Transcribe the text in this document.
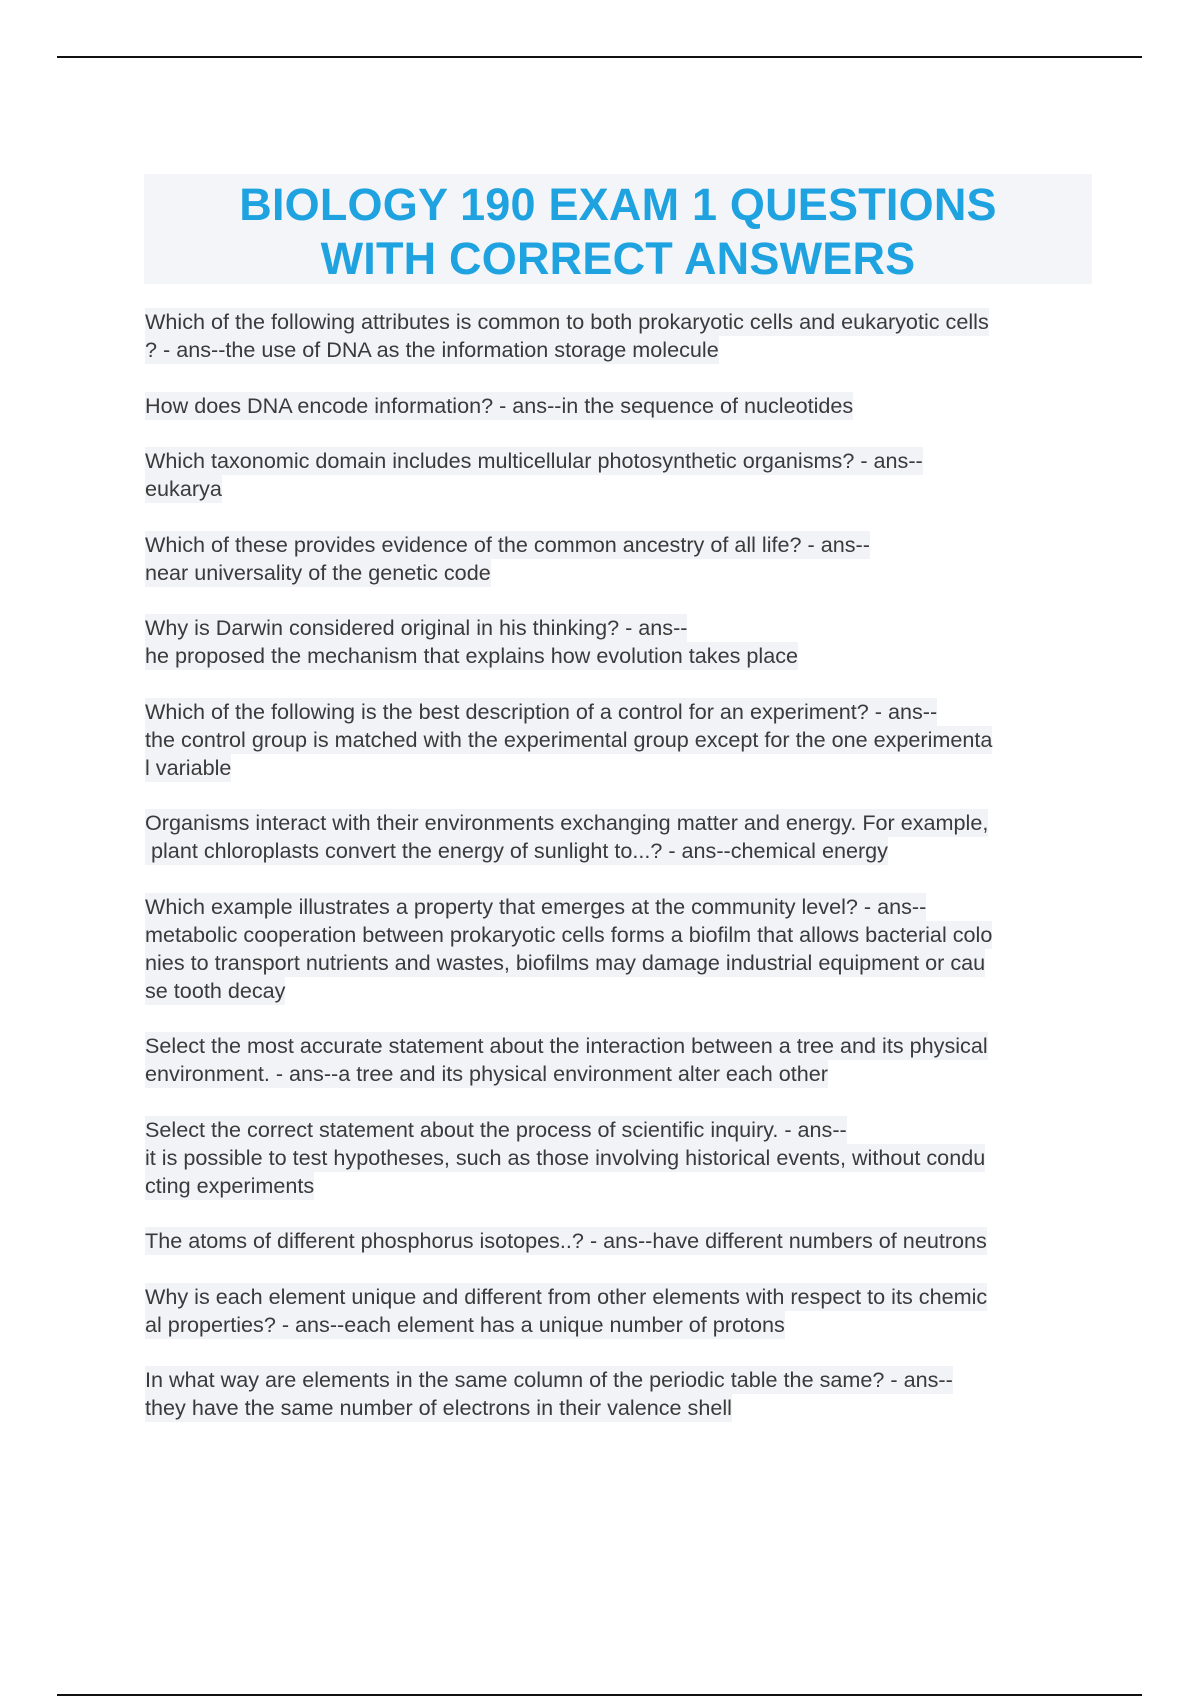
BIOLOGY 190 EXAM 1 QUESTIONS
WITH CORRECT ANSWERS
Which of the following attributes is common to both prokaryotic cells and eukaryotic cells
? - ans--the use of DNA as the information storage molecule
How does DNA encode information? - ans--in the sequence of nucleotides
Which taxonomic domain includes multicellular photosynthetic organisms? - ans--
eukarya
Which of these provides evidence of the common ancestry of all life? - ans--
near universality of the genetic code
Why is Darwin considered original in his thinking? - ans--
he proposed the mechanism that explains how evolution takes place
Which of the following is the best description of a control for an experiment? - ans--
the control group is matched with the experimental group except for the one experimenta
l variable
Organisms interact with their environments exchanging matter and energy. For example,
plant chloroplasts convert the energy of sunlight to...? - ans--chemical energy
Which example illustrates a property that emerges at the community level? - ans--
metabolic cooperation between prokaryotic cells forms a biofilm that allows bacterial colo
nies to transport nutrients and wastes, biofilms may damage industrial equipment or cau
se tooth decay
Select the most accurate statement about the interaction between a tree and its physical
environment. - ans--a tree and its physical environment alter each other
Select the correct statement about the process of scientific inquiry. - ans--
it is possible to test hypotheses, such as those involving historical events, without condu
cting experiments
The atoms of different phosphorus isotopes..? - ans--have different numbers of neutrons
Why is each element unique and different from other elements with respect to its chemic
al properties? - ans--each element has a unique number of protons
In what way are elements in the same column of the periodic table the same? - ans--
they have the same number of electrons in their valence shell
